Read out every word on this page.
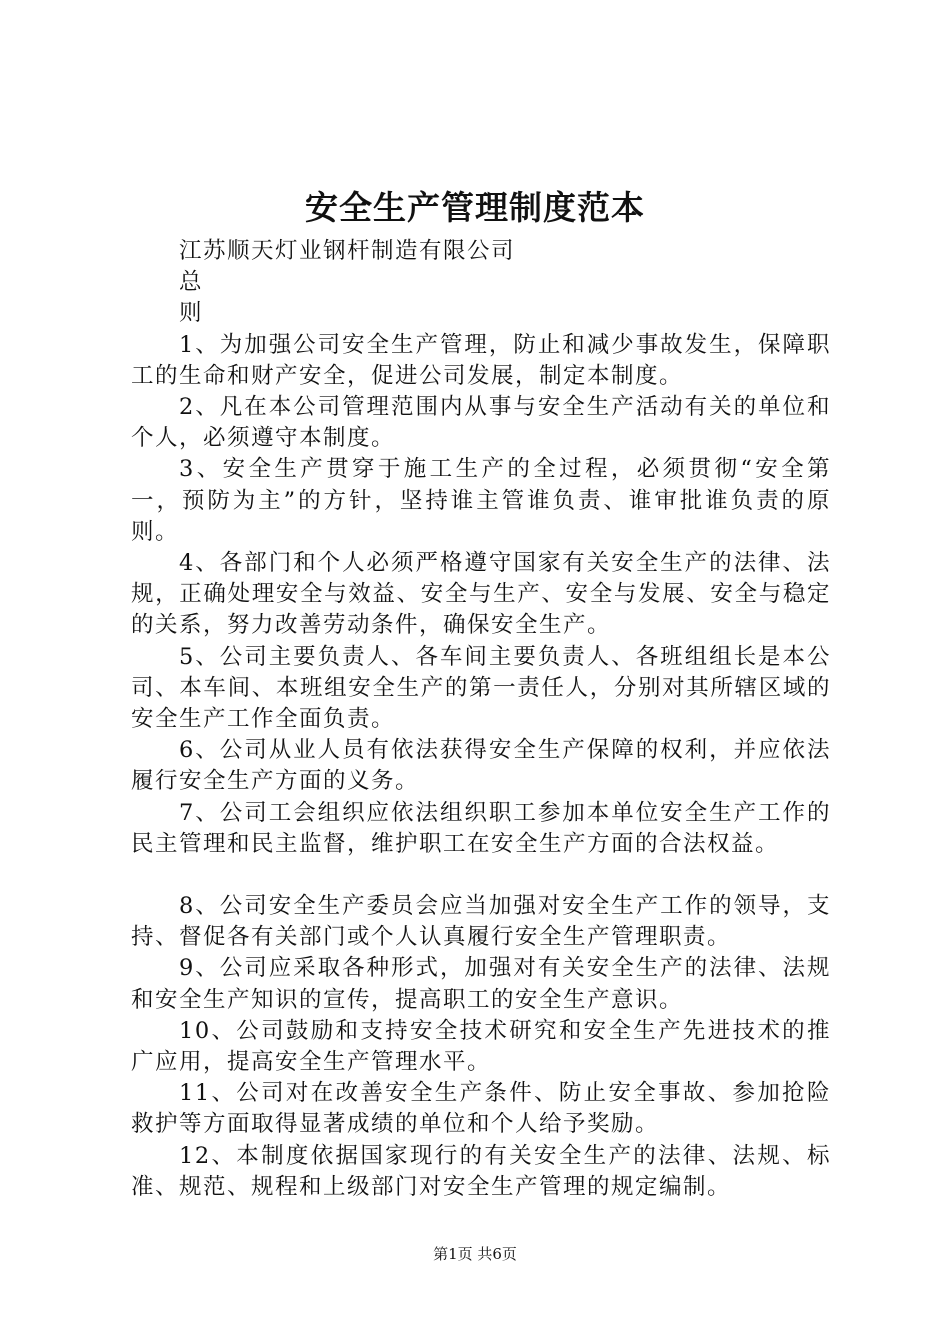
安全生产管理制度范本
江苏顺天灯业钢杆制造有限公司
总
则
1、为加强公司安全生产管理，防止和减少事故发生，保障职工的生命和财产安全，促进公司发展，制定本制度。
2、凡在本公司管理范围内从事与安全生产活动有关的单位和个人，必须遵守本制度。
3、安全生产贯穿于施工生产的全过程，必须贯彻“安全第一，预防为主”的方针，坚持谁主管谁负责、谁审批谁负责的原则。
4、各部门和个人必须严格遵守国家有关安全生产的法律、法规，正确处理安全与效益、安全与生产、安全与发展、安全与稳定的关系，努力改善劳动条件，确保安全生产。
5、公司主要负责人、各车间主要负责人、各班组组长是本公司、本车间、本班组安全生产的第一责任人，分别对其所辖区域的安全生产工作全面负责。
6、公司从业人员有依法获得安全生产保障的权利，并应依法履行安全生产方面的义务。
7、公司工会组织应依法组织职工参加本单位安全生产工作的民主管理和民主监督，维护职工在安全生产方面的合法权益。
8、公司安全生产委员会应当加强对安全生产工作的领导，支持、督促各有关部门或个人认真履行安全生产管理职责。
9、公司应采取各种形式，加强对有关安全生产的法律、法规和安全生产知识的宣传，提高职工的安全生产意识。
10、公司鼓励和支持安全技术研究和安全生产先进技术的推广应用，提高安全生产管理水平。
11、公司对在改善安全生产条件、防止安全事故、参加抢险救护等方面取得显著成绩的单位和个人给予奖励。
12、本制度依据国家现行的有关安全生产的法律、法规、标准、规范、规程和上级部门对安全生产管理的规定编制。
第1页 共6页
